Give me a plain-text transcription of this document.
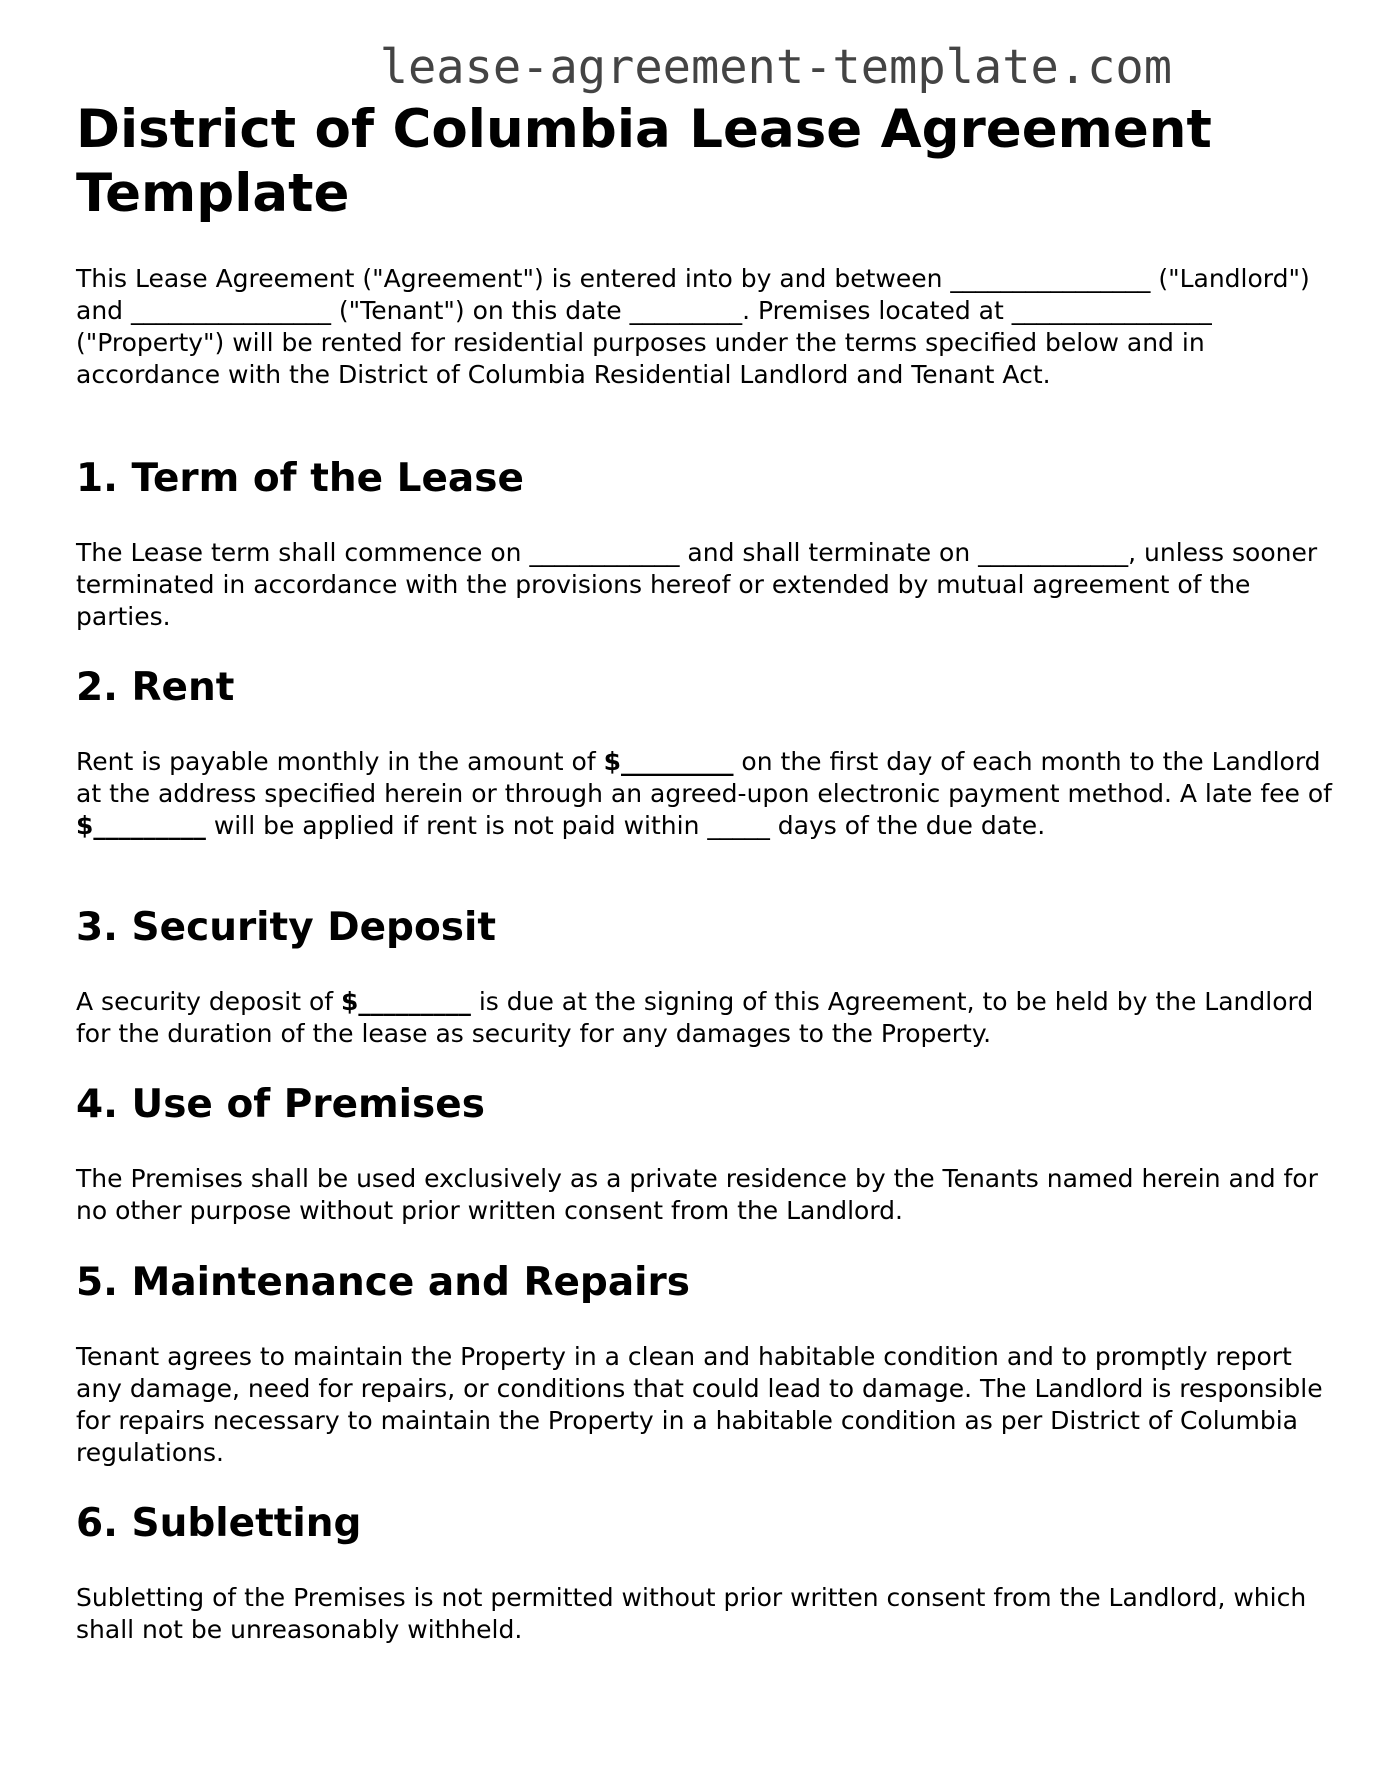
lease-agreement-template.com
District of Columbia Lease Agreement Template

This Lease Agreement ("Agreement") is entered into by and between ________________ ("Landlord") and ________________ ("Tenant") on this date _________. Premises located at ________________ ("Property") will be rented for residential purposes under the terms specified below and in accordance with the District of Columbia Residential Landlord and Tenant Act.

1. Term of the Lease

The Lease term shall commence on ____________ and shall terminate on ____________, unless sooner terminated in accordance with the provisions hereof or extended by mutual agreement of the parties.

2. Rent

Rent is payable monthly in the amount of $_________ on the first day of each month to the Landlord at the address specified herein or through an agreed-upon electronic payment method. A late fee of $_________ will be applied if rent is not paid within _____ days of the due date.

3. Security Deposit

A security deposit of $_________ is due at the signing of this Agreement, to be held by the Landlord for the duration of the lease as security for any damages to the Property.

4. Use of Premises

The Premises shall be used exclusively as a private residence by the Tenants named herein and for no other purpose without prior written consent from the Landlord.

5. Maintenance and Repairs

Tenant agrees to maintain the Property in a clean and habitable condition and to promptly report any damage, need for repairs, or conditions that could lead to damage. The Landlord is responsible for repairs necessary to maintain the Property in a habitable condition as per District of Columbia regulations.

6. Subletting

Subletting of the Premises is not permitted without prior written consent from the Landlord, which shall not be unreasonably withheld.
